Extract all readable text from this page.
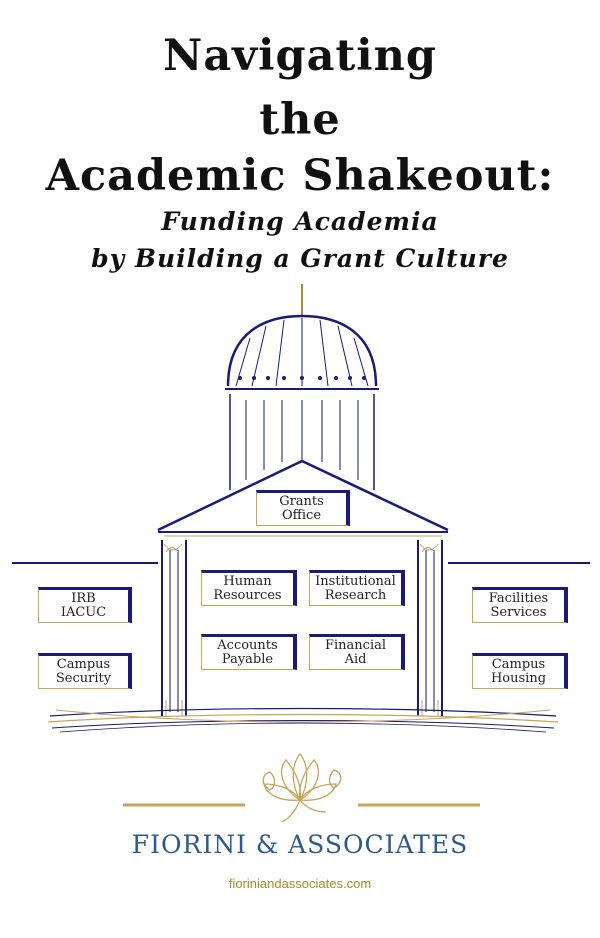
Navigating
the
Academic Shakeout:
Funding Academia
by Building a Grant Culture
Grants
Office
IRB
IACUC
Campus
Security
Human
Resources
Institutional
Research
Accounts
Payable
Financial
Aid
Facilities
Services
Campus
Housing
FIORINI & ASSOCIATES
fioriniandassociates.com
